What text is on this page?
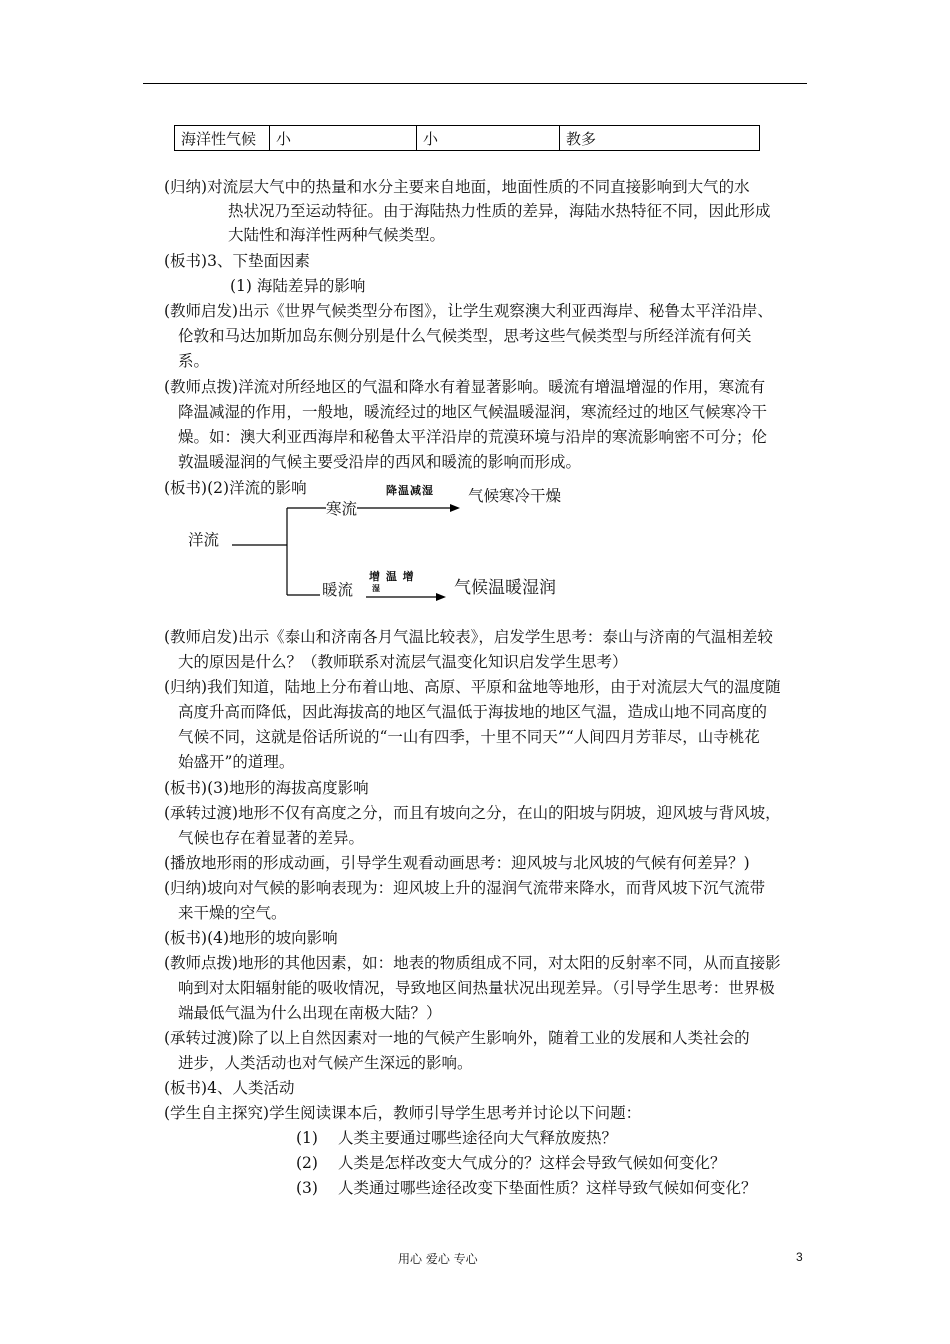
海洋性气候	小	小	教多
(归纳)对流层大气中的热量和水分主要来自地面，地面性质的不同直接影响到大气的水
热状况乃至运动特征。由于海陆热力性质的差异，海陆水热特征不同，因此形成
大陆性和海洋性两种气候类型。
(板书)3、下垫面因素
(1) 海陆差异的影响
(教师启发)出示《世界气候类型分布图》，让学生观察澳大利亚西海岸、秘鲁太平洋沿岸、
伦敦和马达加斯加岛东侧分别是什么气候类型，思考这些气候类型与所经洋流有何关
系。
(教师点拨)洋流对所经地区的气温和降水有着显著影响。暖流有增温增湿的作用，寒流有
降温减湿的作用，一般地，暖流经过的地区气候温暖湿润，寒流经过的地区气候寒冷干
燥。如：澳大利亚西海岸和秘鲁太平洋沿岸的荒漠环境与沿岸的寒流影响密不可分；伦
敦温暖湿润的气候主要受沿岸的西风和暖流的影响而形成。
(板书)(2)洋流的影响
洋流
寒流
降温减湿 气候寒冷干燥
暖流
增 温 增
湿	气候温暖湿润
(教师启发)出示《泰山和济南各月气温比较表》，启发学生思考：泰山与济南的气温相差较
大的原因是什么？（教师联系对流层气温变化知识启发学生思考）
(归纳)我们知道，陆地上分布着山地、高原、平原和盆地等地形，由于对流层大气的温度随
高度升高而降低，因此海拔高的地区气温低于海拔地的地区气温，造成山地不同高度的
气候不同，这就是俗话所说的“一山有四季，十里不同天”“人间四月芳菲尽，山寺桃花
始盛开”的道理。
(板书)(3)地形的海拔高度影响
(承转过渡)地形不仅有高度之分，而且有坡向之分，在山的阳坡与阴坡，迎风坡与背风坡，
气候也存在着显著的差异。
(播放地形雨的形成动画，引导学生观看动画思考：迎风坡与北风坡的气候有何差异？)
(归纳)坡向对气候的影响表现为：迎风坡上升的湿润气流带来降水，而背风坡下沉气流带
来干燥的空气。
(板书)(4)地形的坡向影响
(教师点拨)地形的其他因素，如：地表的物质组成不同，对太阳的反射率不同，从而直接影
响到对太阳辐射能的吸收情况，导致地区间热量状况出现差异。（引导学生思考：世界极
端最低气温为什么出现在南极大陆？）
(承转过渡)除了以上自然因素对一地的气候产生影响外，随着工业的发展和人类社会的
进步，人类活动也对气候产生深远的影响。
(板书)4、人类活动
(学生自主探究)学生阅读课本后，教师引导学生思考并讨论以下问题：
(1) 人类主要通过哪些途径向大气释放废热？
(2) 人类是怎样改变大气成分的？这样会导致气候如何变化？
(3) 人类通过哪些途径改变下垫面性质？这样导致气候如何变化？
用心 爱心 专心	3
